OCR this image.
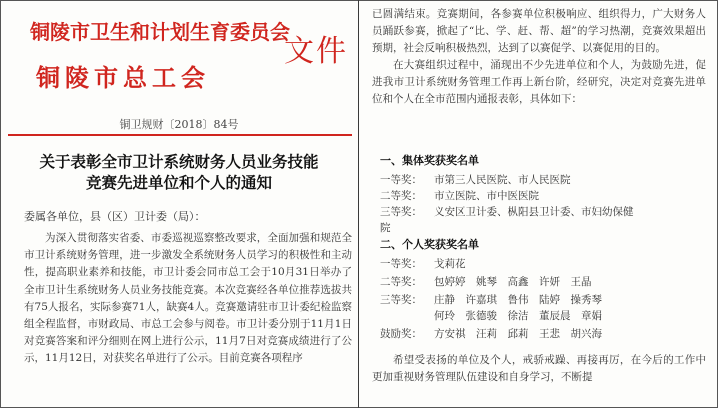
铜陵市卫生和计划生育委员会
文件
铜陵市总工会
铜卫规财〔2018〕84号
关于表彰全市卫计系统财务人员业务技能
竞赛先进单位和个人的通知
委属各单位，县（区）卫计委（局）：

为深入贯彻落实省委、市委巡视巡察整改要求，全面加强和规范全市卫计系统财务管理，进一步激发全系统财务人员学习的积极性和主动性，提高职业素养和技能，市卫计委会同市总工会于10月31日举办了全市卫计生系统财务人员业务技能竞赛。本次竞赛经各单位推荐选拔共有75人报名，实际参赛71人，缺赛4人。竞赛邀请驻市卫计委纪检监察组全程监督，市财政局、市总工会参与阅卷。市卫计委分别于11月1日对竞赛答案和评分细则在网上进行公示，11月7日对竞赛成绩进行了公示，11月12日，对获奖名单进行了公示。目前竞赛各项程序

已圆满结束。竞赛期间，各参赛单位积极响应、组织得力，广大财务人员踊跃参赛，掀起了“比、学、赶、帮、超”的学习热潮，竞赛效果超出预期，社会反响积极热烈，达到了以赛促学、以赛促用的目的。

在大赛组织过程中，涌现出不少先进单位和个人，为鼓励先进，促进我市卫计系统财务管理工作再上新台阶，经研究，决定对竞赛先进单位和个人在全市范围内通报表彰，具体如下：

一、集体奖获奖名单
一等奖： 市第三人民医院、市人民医院
二等奖： 市立医院、市中医医院
三等奖： 义安区卫计委、枞阳县卫计委、市妇幼保健
院
二、个人奖获奖名单
一等奖： 戈莉花
二等奖： 包婷婷　姚琴　高鑫　许妍　王晶
三等奖： 庄静　许嘉琪　鲁伟　陆婷　操秀琴
何玲　张德骏　徐洁　董辰晨　章娟
鼓励奖： 方安祺　汪莉　邱莉　王悲　胡兴海

希望受表扬的单位及个人，戒骄戒躁、再接再厉，在今后的工作中更加重视财务管理队伍建设和自身学习，不断提
